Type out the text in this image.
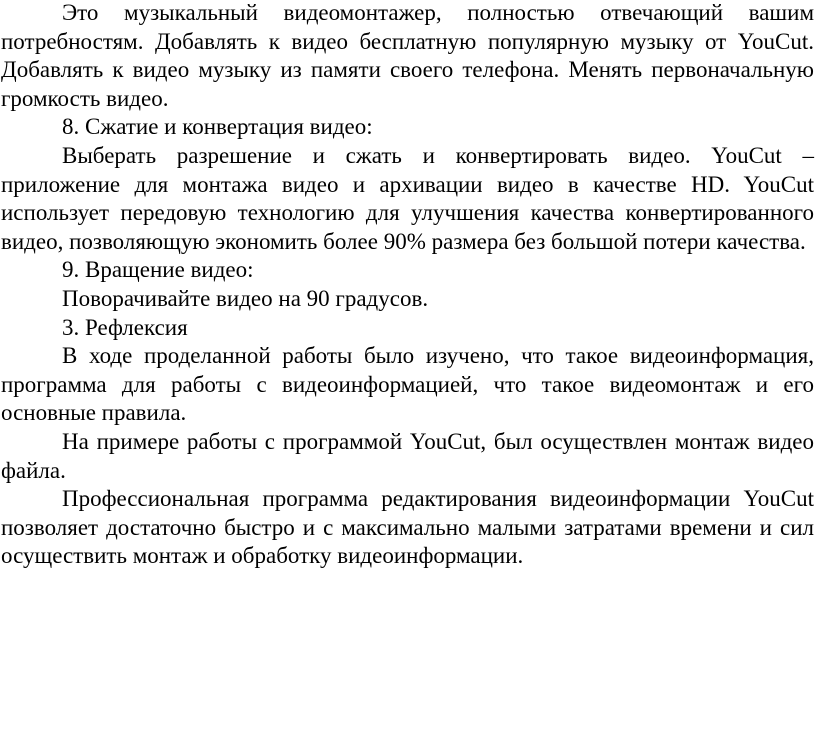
Это музыкальный видеомонтажер, полностью отвечающий вашим потребностям. Добавлять к видео бесплатную популярную музыку от YouCut. Добавлять к видео музыку из памяти своего телефона. Менять первоначальную громкость видео.

8. Сжатие и конвертация видео:

Выберать разрешение и сжать и конвертировать видео. YouCut – приложение для монтажа видео и архивации видео в качестве HD. YouCut использует передовую технологию для улучшения качества конвертированного видео, позволяющую экономить более 90% размера без большой потери качества.

9. Вращение видео:

Поворачивайте видео на 90 градусов.

3. Рефлексия

В ходе проделанной работы было изучено, что такое видеоинформация, программа для работы с видеоинформацией, что такое видеомонтаж и его основные правила.

На примере работы с программой YouCut, был осуществлен монтаж видео файла.

Профессиональная программа редактирования видеоинформации YouCut позволяет достаточно быстро и с максимально малыми затратами времени и сил осуществить монтаж и обработку видеоинформации.
